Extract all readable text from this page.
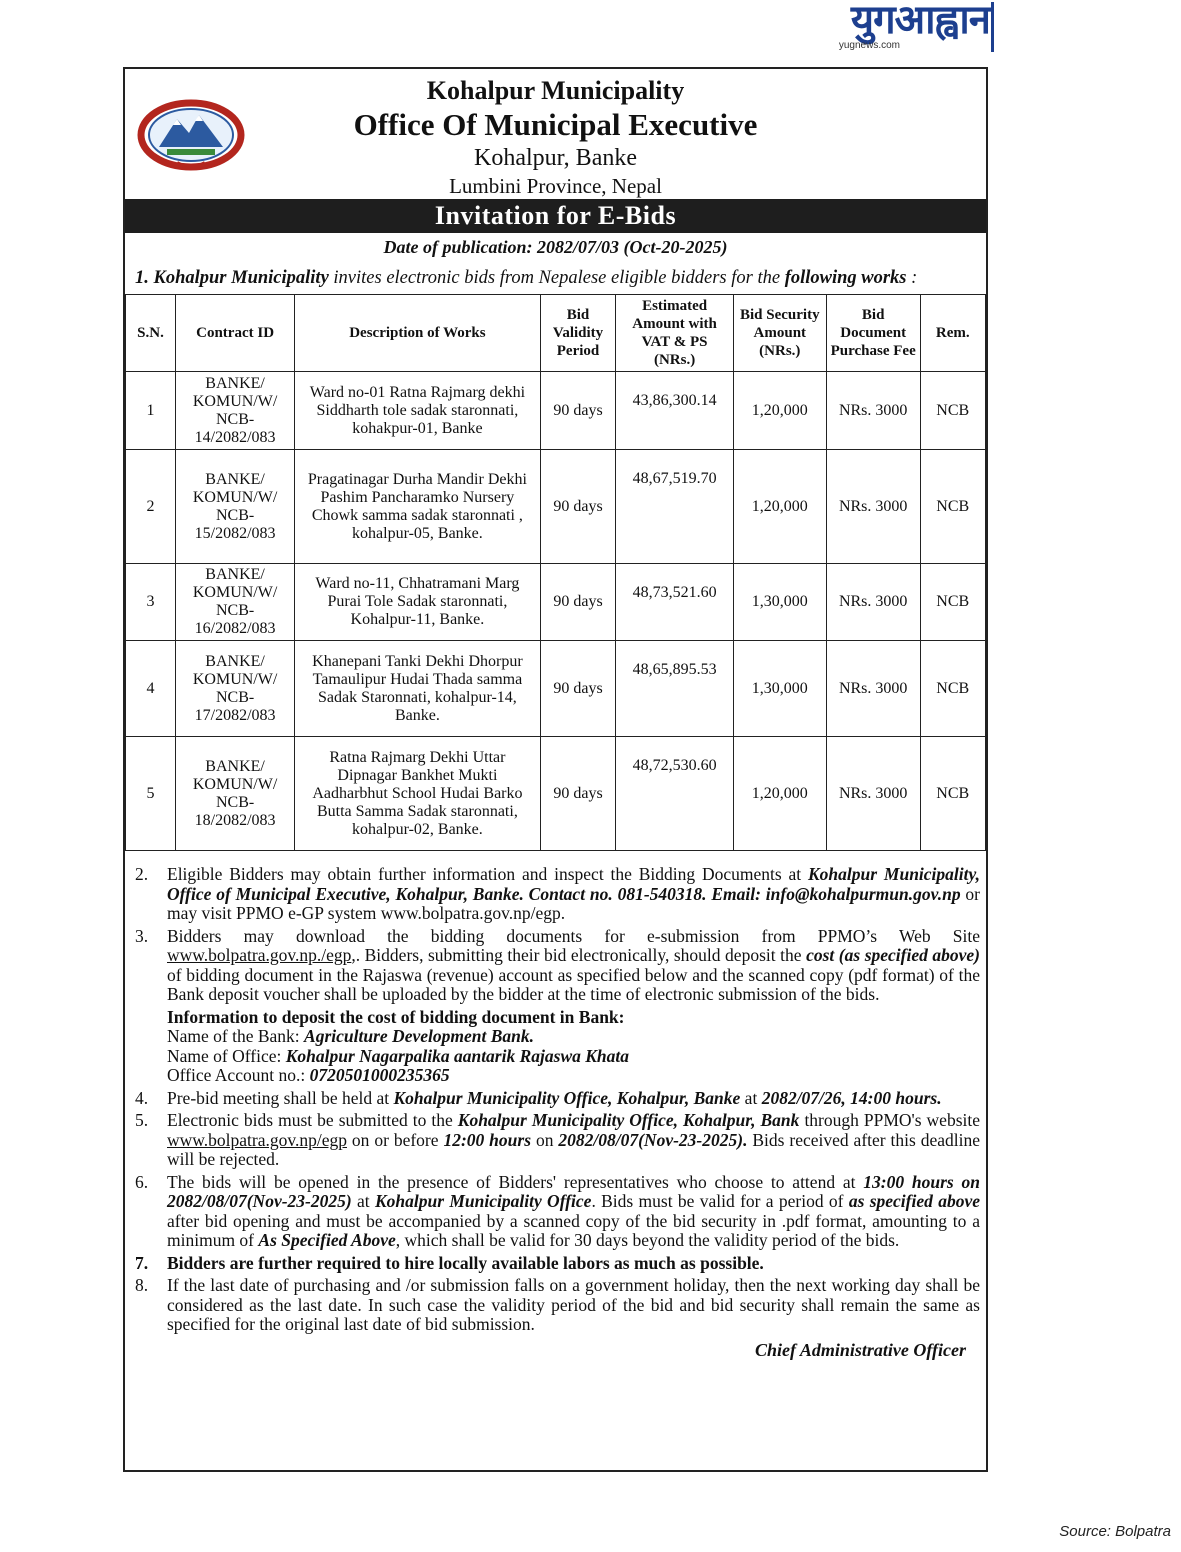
युगआह्वान
yugnews.com
Kohalpur Municipality
Office Of Municipal Executive
Kohalpur, Banke
Lumbini Province, Nepal
Invitation for E-Bids
Date of publication: 2082/07/03 (Oct-20-2025)
1. Kohalpur Municipality invites electronic bids from Nepalese eligible bidders for the following works :
S.N.	Contract ID	Description of Works	Bid Validity Period	Estimated Amount with VAT & PS (NRs.)	Bid Security Amount (NRs.)	Bid Document Purchase Fee	Rem.
1	BANKE/ KOMUN/W/ NCB- 14/2082/083	Ward no-01 Ratna Rajmarg dekhi Siddharth tole sadak staronnati, kohakpur-01, Banke	90 days	43,86,300.14	1,20,000	NRs. 3000	NCB
2	BANKE/ KOMUN/W/ NCB- 15/2082/083	Pragatinagar Durha Mandir Dekhi Pashim Pancharamko Nursery Chowk samma sadak staronnati , kohalpur-05, Banke.	90 days	48,67,519.70	1,20,000	NRs. 3000	NCB
3	BANKE/ KOMUN/W/ NCB- 16/2082/083	Ward no-11, Chhatramani Marg Purai Tole Sadak staronnati, Kohalpur-11, Banke.	90 days	48,73,521.60	1,30,000	NRs. 3000	NCB
4	BANKE/ KOMUN/W/ NCB- 17/2082/083	Khanepani Tanki Dekhi Dhorpur Tamaulipur Hudai Thada samma Sadak Staronnati, kohalpur-14, Banke.	90 days	48,65,895.53	1,30,000	NRs. 3000	NCB
5	BANKE/ KOMUN/W/ NCB- 18/2082/083	Ratna Rajmarg Dekhi Uttar Dipnagar Bankhet Mukti Aadharbhut School Hudai Barko Butta Samma Sadak staronnati, kohalpur-02, Banke.	90 days	48,72,530.60	1,20,000	NRs. 3000	NCB
2. Eligible Bidders may obtain further information and inspect the Bidding Documents at Kohalpur Municipality, Office of Municipal Executive, Kohalpur, Banke. Contact no. 081-540318. Email: info@kohalpurmun.gov.np or may visit PPMO e-GP system www.bolpatra.gov.np/egp.
3. Bidders may download the bidding documents for e-submission from PPMO’s Web Site www.bolpatra.gov.np./egp,. Bidders, submitting their bid electronically, should deposit the cost (as specified above) of bidding document in the Rajaswa (revenue) account as specified below and the scanned copy (pdf format) of the Bank deposit voucher shall be uploaded by the bidder at the time of electronic submission of the bids.
Information to deposit the cost of bidding document in Bank:
Name of the Bank: Agriculture Development Bank.
Name of Office: Kohalpur Nagarpalika aantarik Rajaswa Khata
Office Account no.: 0720501000235365
4. Pre-bid meeting shall be held at Kohalpur Municipality Office, Kohalpur, Banke at 2082/07/26, 14:00 hours.
5. Electronic bids must be submitted to the Kohalpur Municipality Office, Kohalpur, Bank through PPMO's website www.bolpatra.gov.np/egp on or before 12:00 hours on 2082/08/07(Nov-23-2025). Bids received after this deadline will be rejected.
6. The bids will be opened in the presence of Bidders' representatives who choose to attend at 13:00 hours on 2082/08/07(Nov-23-2025) at Kohalpur Municipality Office. Bids must be valid for a period of as specified above after bid opening and must be accompanied by a scanned copy of the bid security in .pdf format, amounting to a minimum of As Specified Above, which shall be valid for 30 days beyond the validity period of the bids.
7. Bidders are further required to hire locally available labors as much as possible.
8. If the last date of purchasing and /or submission falls on a government holiday, then the next working day shall be considered as the last date. In such case the validity period of the bid and bid security shall remain the same as specified for the original last date of bid submission.
Chief Administrative Officer
Source: Bolpatra
